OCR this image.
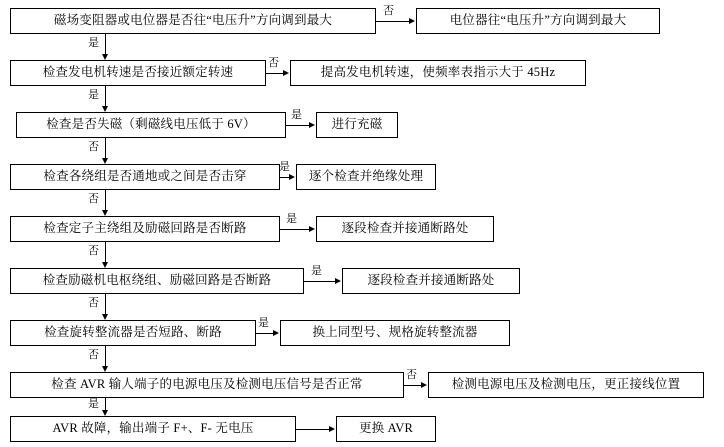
磁场变阻器或电位器是否往“电压升”方向调到最大	电位器往“电压升”方向调到最大
否
是
检查发电机转速是否接近额定转速	提高发电机转速，使频率表指示大于 45Hz
否
是
检查是否失磁（剩磁线电压低于 6V）	进行充磁
是
否
检查各绕组是否通地或之间是否击穿	逐个检查并绝缘处理
是
否
检查定子主绕组及励磁回路是否断路	逐段检查并接通断路处
是
否
检查励磁机电枢绕组、励磁回路是否断路	逐段检查并接通断路处
是
否
检查旋转整流器是否短路、断路	换上同型号、规格旋转整流器
是
否
检查 AVR 输人端子的电源电压及检测电压信号是否正常	检测电源电压及检测电压，更正接线位置
否
是
AVR 故障，输出端子 F+、F- 无电压	更换 AVR
